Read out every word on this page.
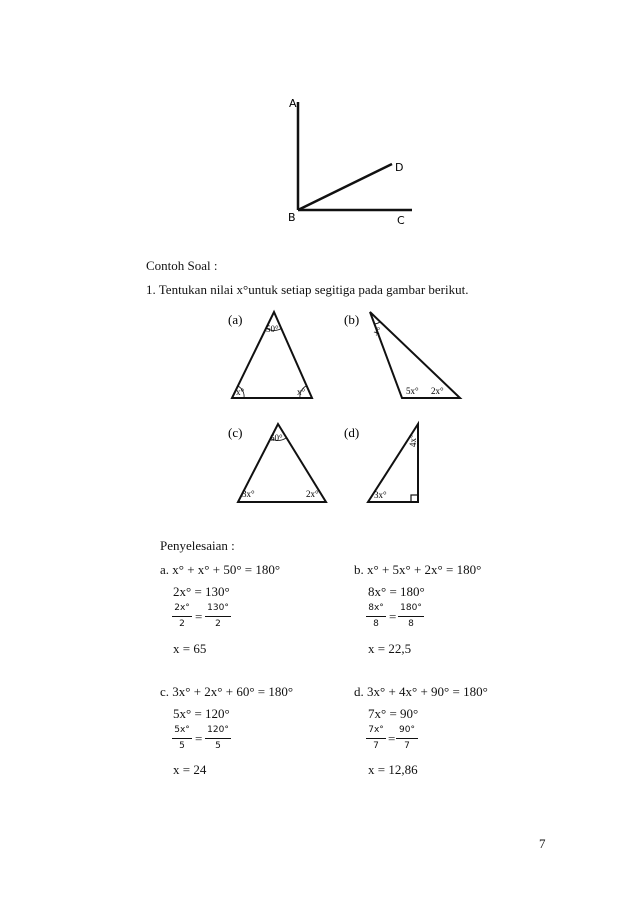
A
B	C
D
Contoh Soal :
1. Tentukan nilai x°untuk setiap segitiga pada gambar berikut.
(a)
50°
x°	x°
(b)
x°
5x° 2x°
(c)	60°
3x°	2x°
(d)
4x°
3x°
Penyelesaian :
a. x° + x° + 50° = 180°
2x° = 130°
2x°
2 =
130°
2
x = 65
b. x° + 5x° + 2x° = 180°
8x° = 180°
8x°
8 =
180°
8
x = 22,5
c. 3x° + 2x° + 60° = 180°
5x° = 120°
5x°
5 =
120°
5
x = 24
d. 3x° + 4x° + 90° = 180°
7x° = 90°
7x°
7 =
90°
7
x = 12,86
7
